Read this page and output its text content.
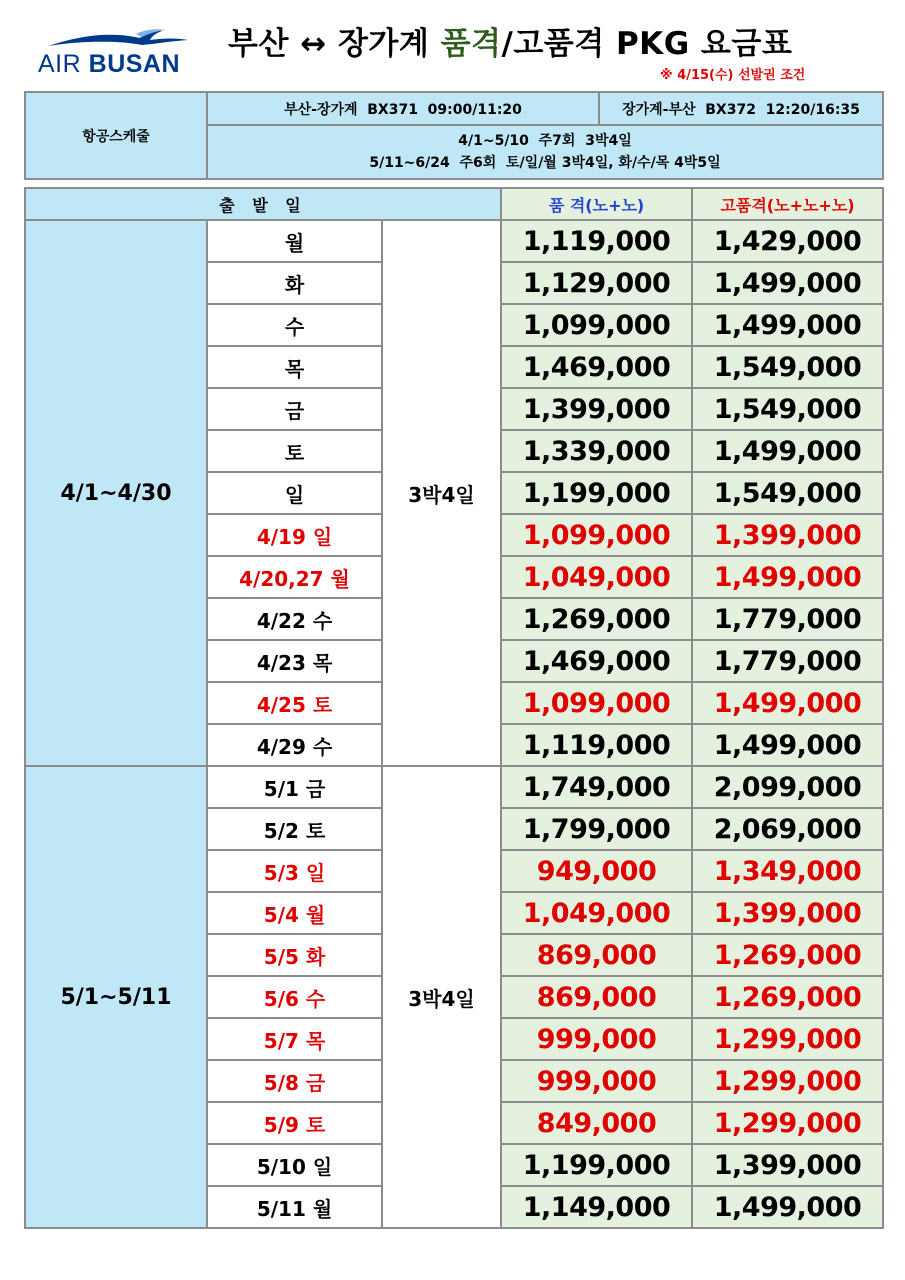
AIR BUSAN
부산 ↔ 장가계 품격/고품격 PKG 요금표
※ 4/15(수) 선발권 조건
항공스케줄	부산-장가계  BX371  09:00/11:20	장가계-부산  BX372  12:20/16:35

4/1~5/10  주7회  3박4일
5/11~6/24  주6회  토/일/월 3박4일, 화/수/목 4박5일
출 발 일			품 격(노+노)	고품격(노+노+노)
4/1~4/30	월	3박4일	1,119,000	1,429,000
	화		1,129,000	1,499,000
	수		1,099,000	1,499,000
	목		1,469,000	1,549,000
	금		1,399,000	1,549,000
	토		1,339,000	1,499,000
	일		1,199,000	1,549,000
	4/19 일		1,099,000	1,399,000
	4/20,27 월		1,049,000	1,499,000
	4/22 수		1,269,000	1,779,000
	4/23 목		1,469,000	1,779,000
	4/25 토		1,099,000	1,499,000
	4/29 수		1,119,000	1,499,000
5/1~5/11	5/1 금	3박4일	1,749,000	2,099,000
	5/2 토		1,799,000	2,069,000
	5/3 일		949,000	1,349,000
	5/4 월		1,049,000	1,399,000
	5/5 화		869,000	1,269,000
	5/6 수		869,000	1,269,000
	5/7 목		999,000	1,299,000
	5/8 금		999,000	1,299,000
	5/9 토		849,000	1,299,000
	5/10 일		1,199,000	1,399,000
	5/11 월		1,149,000	1,499,000
